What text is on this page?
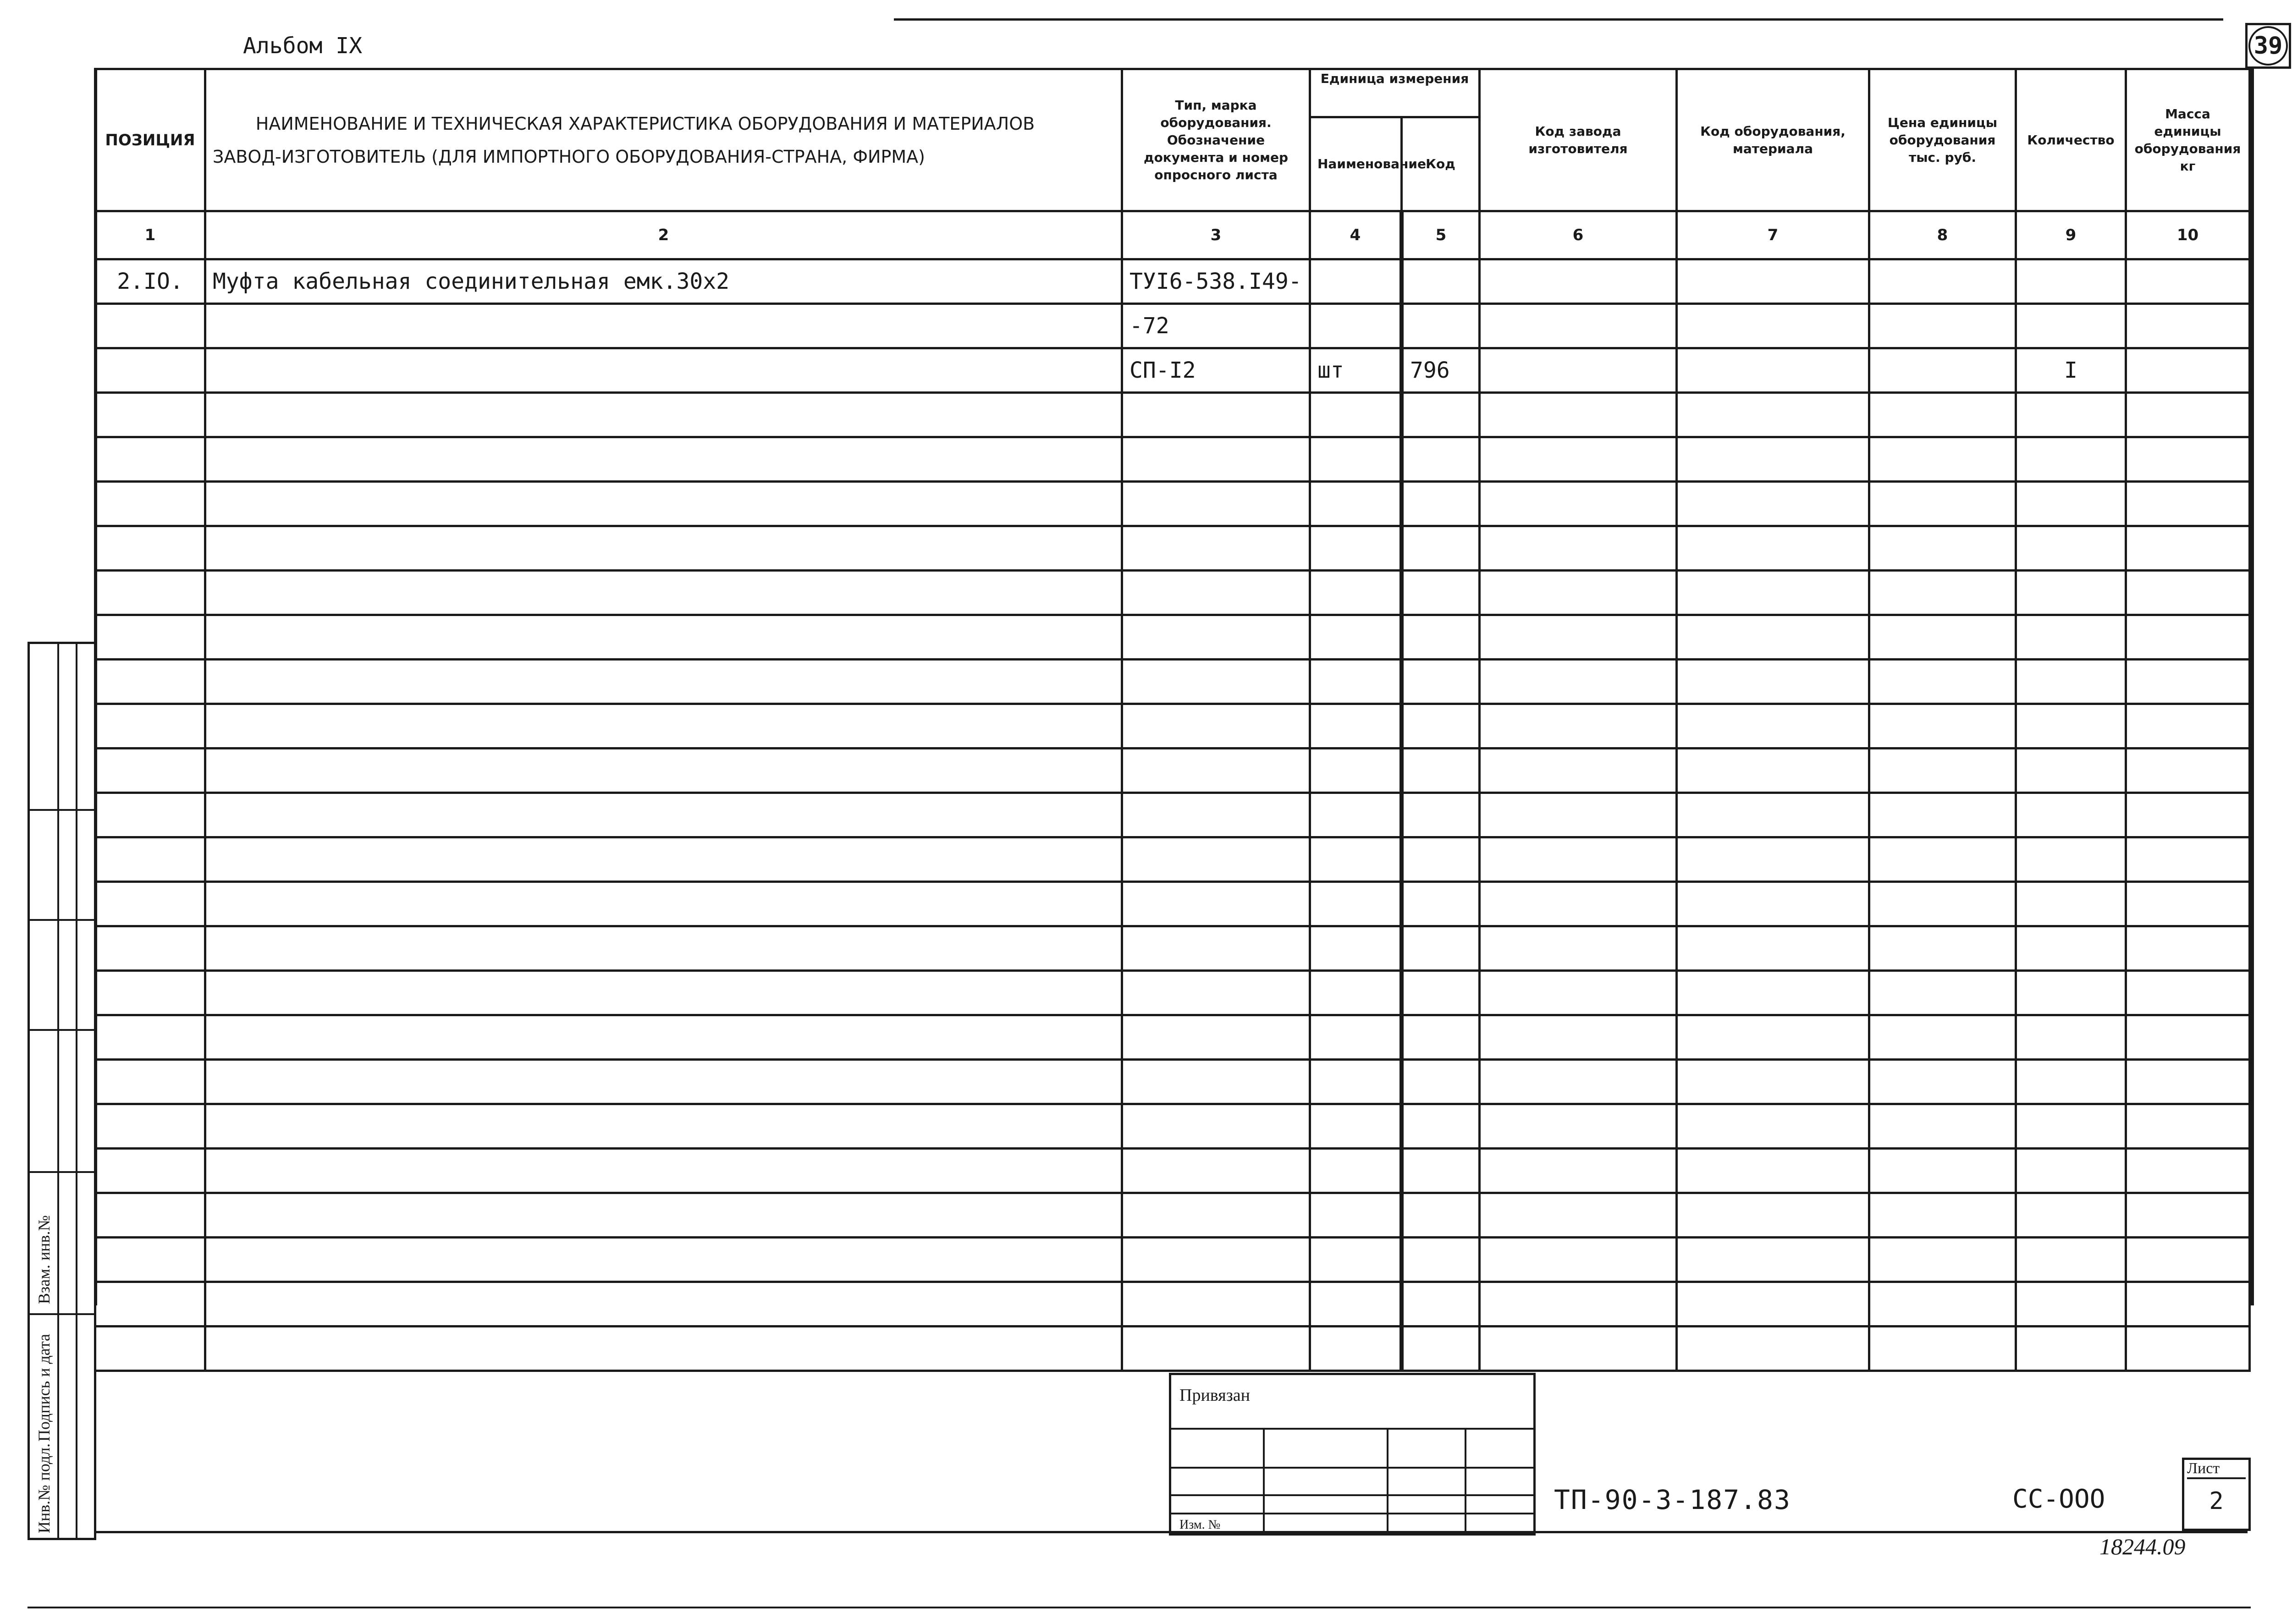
Альбом IX	39
ПОЗИЦИЯ	НАИМЕНОВАНИЕ И ТЕХНИЧЕСКАЯ ХАРАКТЕРИСТИКА ОБОРУДОВАНИЯ И МАТЕРИАЛОВ
ЗАВОД-ИЗГОТОВИТЕЛЬ (ДЛЯ ИМПОРТНОГО ОБОРУДОВАНИЯ-СТРАНА, ФИРМА)	Тип, марка оборудования. Обозначение документа и номер опросного листа	Единица измерения		Код завода изготовителя	Код оборудования, материала	Цена единицы оборудования тыс. руб.	Количество	Масса единицы оборудования кг
			Наименование	Код					
1	2	3	4	5	6	7	8	9	10
2.IO.	Муфта кабельная соединительная емк.30х2	ТУI6-538.I49-							
		-72							
		СП-I2	шт	796				I	

Взам. инв.№
Подпись и дата
Инв.№ подл.
Привязан
Изм. №
ТП-90-3-187.83	СС-ООО
Лист
2
18244.09
